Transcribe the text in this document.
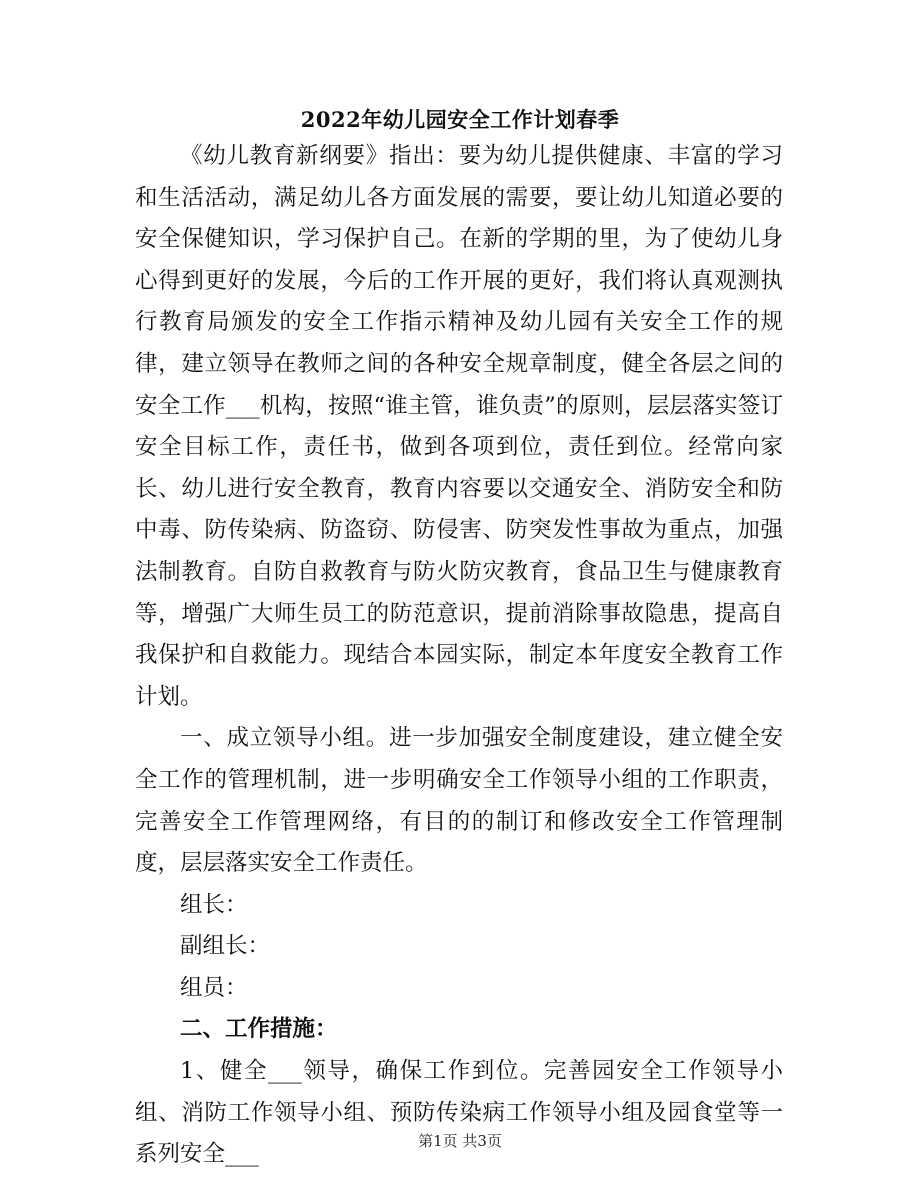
2022年幼儿园安全工作计划春季

《幼儿教育新纲要》指出：要为幼儿提供健康、丰富的学习和生活活动，满足幼儿各方面发展的需要，要让幼儿知道必要的安全保健知识，学习保护自己。在新的学期的里，为了使幼儿身心得到更好的发展，今后的工作开展的更好，我们将认真观测执行教育局颁发的安全工作指示精神及幼儿园有关安全工作的规律，建立领导在教师之间的各种安全规章制度，健全各层之间的安全工作___机构，按照“谁主管，谁负责”的原则，层层落实签订安全目标工作，责任书，做到各项到位，责任到位。经常向家长、幼儿进行安全教育，教育内容要以交通安全、消防安全和防中毒、防传染病、防盗窃、防侵害、防突发性事故为重点，加强法制教育。自防自救教育与防火防灾教育，食品卫生与健康教育等，增强广大师生员工的防范意识，提前消除事故隐患，提高自我保护和自救能力。现结合本园实际，制定本年度安全教育工作计划。

一、成立领导小组。进一步加强安全制度建设，建立健全安全工作的管理机制，进一步明确安全工作领导小组的工作职责，完善安全工作管理网络，有目的的制订和修改安全工作管理制度，层层落实安全工作责任。

组长：

副组长：

组员：

二、工作措施：

1、健全___领导，确保工作到位。完善园安全工作领导小组、消防工作领导小组、预防传染病工作领导小组及园食堂等一系列安全___

第1页 共3页
